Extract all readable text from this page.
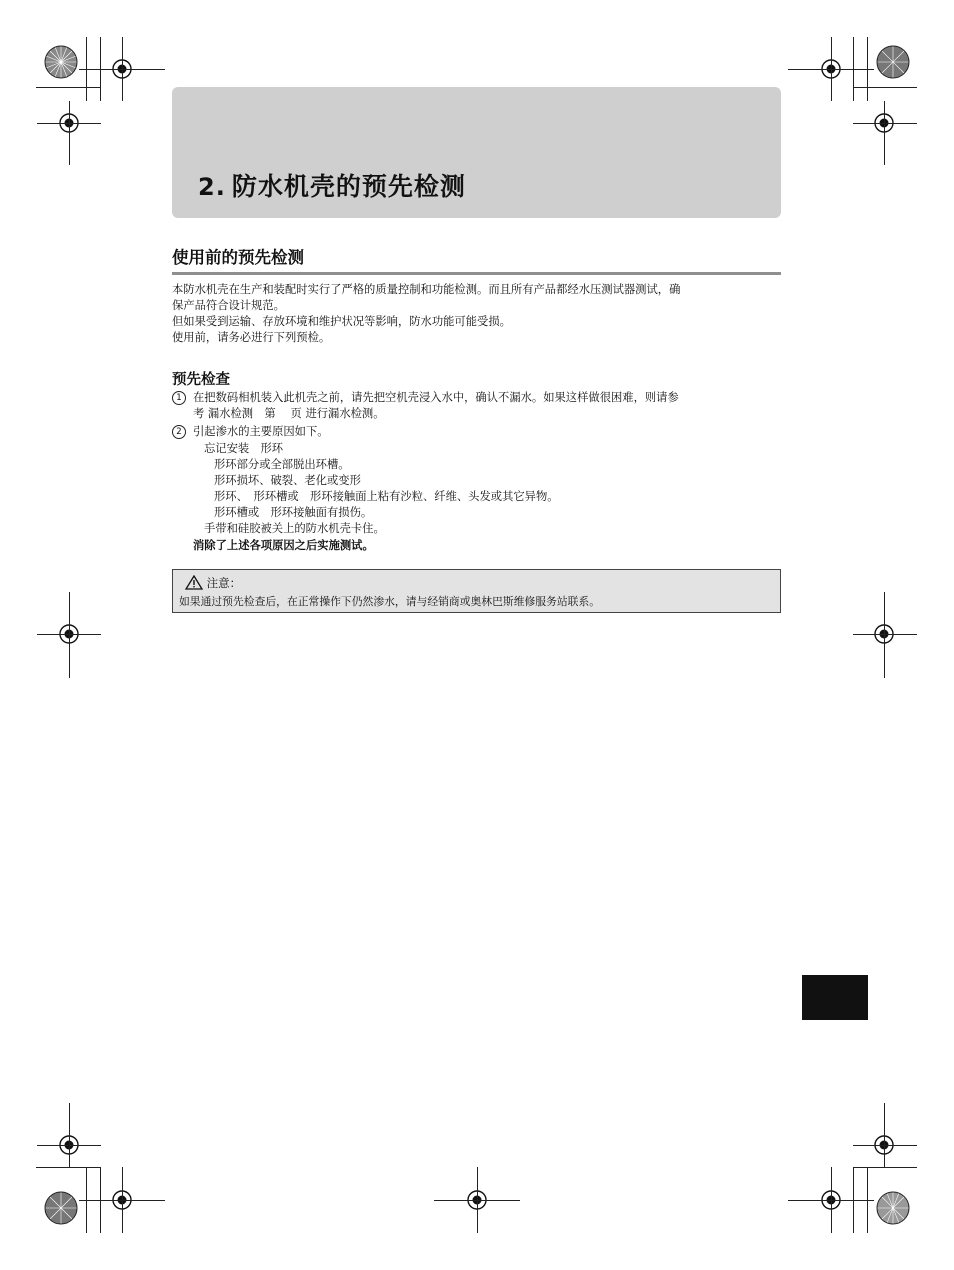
2. 防水机壳的预先检测
使用前的预先检测
本防水机壳在生产和装配时实行了严格的质量控制和功能检测。而且所有产品都经水压测试器测试，确
保产品符合设计规范。
但如果受到运输、存放环境和维护状况等影响，防水功能可能受损。
使用前，请务必进行下列预检。
预先检查
1 在把数码相机装入此机壳之前，请先把空机壳浸入水中，确认不漏水。如果这样做很困难，则请参
考 漏水检测　第　 页 进行漏水检测。
2 引起渗水的主要原因如下。
忘记安装　形环
形环部分或全部脱出环槽。
形环损坏、破裂、老化或变形
形环、　形环槽或　形环接触面上粘有沙粒、纤维、头发或其它异物。
形环槽或　形环接触面有损伤。
手带和硅胶被关上的防水机壳卡住。
消除了上述各项原因之后实施测试。
注意：
如果通过预先检查后，在正常操作下仍然渗水，请与经销商或奥林巴斯维修服务站联系。
